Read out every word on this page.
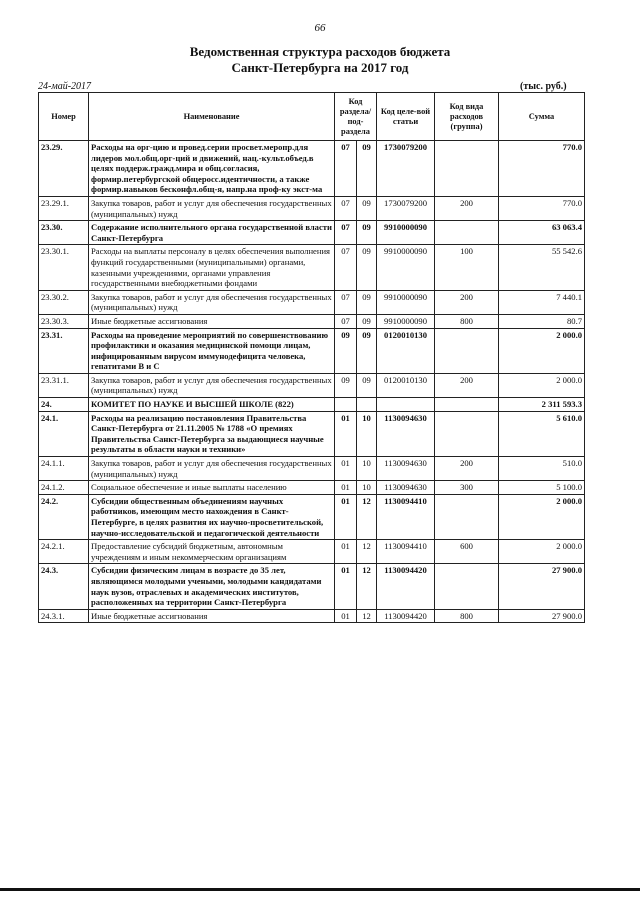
66
Ведомственная структура расходов бюджета
Санкт-Петербурга на 2017 год
24-май-2017	(тыс. руб.)
Номер	Наименование	Код раздела/ под-раздела		Код целе-вой статьи	Код вида расходов (группа)	Сумма
23.29.	Расходы на орг-цию и провед.серии просвет.меропр.для лидеров мол.общ.орг-ций и движений, нац.-культ.объед.в целях поддерж.гражд.мира и общ.согласия, формир.петербургской общеросс.идентичности, а также формир.навыков бесконфл.общ-я, напр.на проф-ку экст-ма	07	09	1730079200		770.0
23.29.1.	Закупка товаров, работ и услуг для обеспечения государственных (муниципальных) нужд	07	09	1730079200	200	770.0
23.30.	Содержание исполнительного органа государственной власти Санкт-Петербурга	07	09	9910000090		63 063.4
23.30.1.	Расходы на выплаты персоналу в целях обеспечения выполнения функций государственными (муниципальными) органами, казенными учреждениями, органами управления государственными внебюджетными фондами	07	09	9910000090	100	55 542.6
23.30.2.	Закупка товаров, работ и услуг для обеспечения государственных (муниципальных) нужд	07	09	9910000090	200	7 440.1
23.30.3.	Иные бюджетные ассигнования	07	09	9910000090	800	80.7
23.31.	Расходы на проведение мероприятий по совершенствованию профилактики и оказания медицинской помощи лицам, инфицированным вирусом иммунодефицита человека, гепатитами В и С	09	09	0120010130		2 000.0
23.31.1.	Закупка товаров, работ и услуг для обеспечения государственных (муниципальных) нужд	09	09	0120010130	200	2 000.0
24.	КОМИТЕТ ПО НАУКЕ И ВЫСШЕЙ ШКОЛЕ (822)					2 311 593.3
24.1.	Расходы на реализацию постановления Правительства Санкт-Петербурга от 21.11.2005 № 1788 «О премиях Правительства Санкт-Петербурга за выдающиеся научные результаты в области науки и техники»	01	10	1130094630		5 610.0
24.1.1.	Закупка товаров, работ и услуг для обеспечения государственных (муниципальных) нужд	01	10	1130094630	200	510.0
24.1.2.	Социальное обеспечение и иные выплаты населению	01	10	1130094630	300	5 100.0
24.2.	Субсидии общественным объединениям научных работников, имеющим место нахождения в Санкт-Петербурге, в целях развития их научно-просветительской, научно-исследовательской и педагогической деятельности	01	12	1130094410		2 000.0
24.2.1.	Предоставление субсидий бюджетным, автономным учреждениям и иным некоммерческим организациям	01	12	1130094410	600	2 000.0
24.3.	Субсидии физическим лицам в возрасте до 35 лет, являющимся молодыми учеными, молодыми кандидатами наук вузов, отраслевых и академических институтов, расположенных на территории Санкт-Петербурга	01	12	1130094420		27 900.0
24.3.1.	Иные бюджетные ассигнования	01	12	1130094420	800	27 900.0
